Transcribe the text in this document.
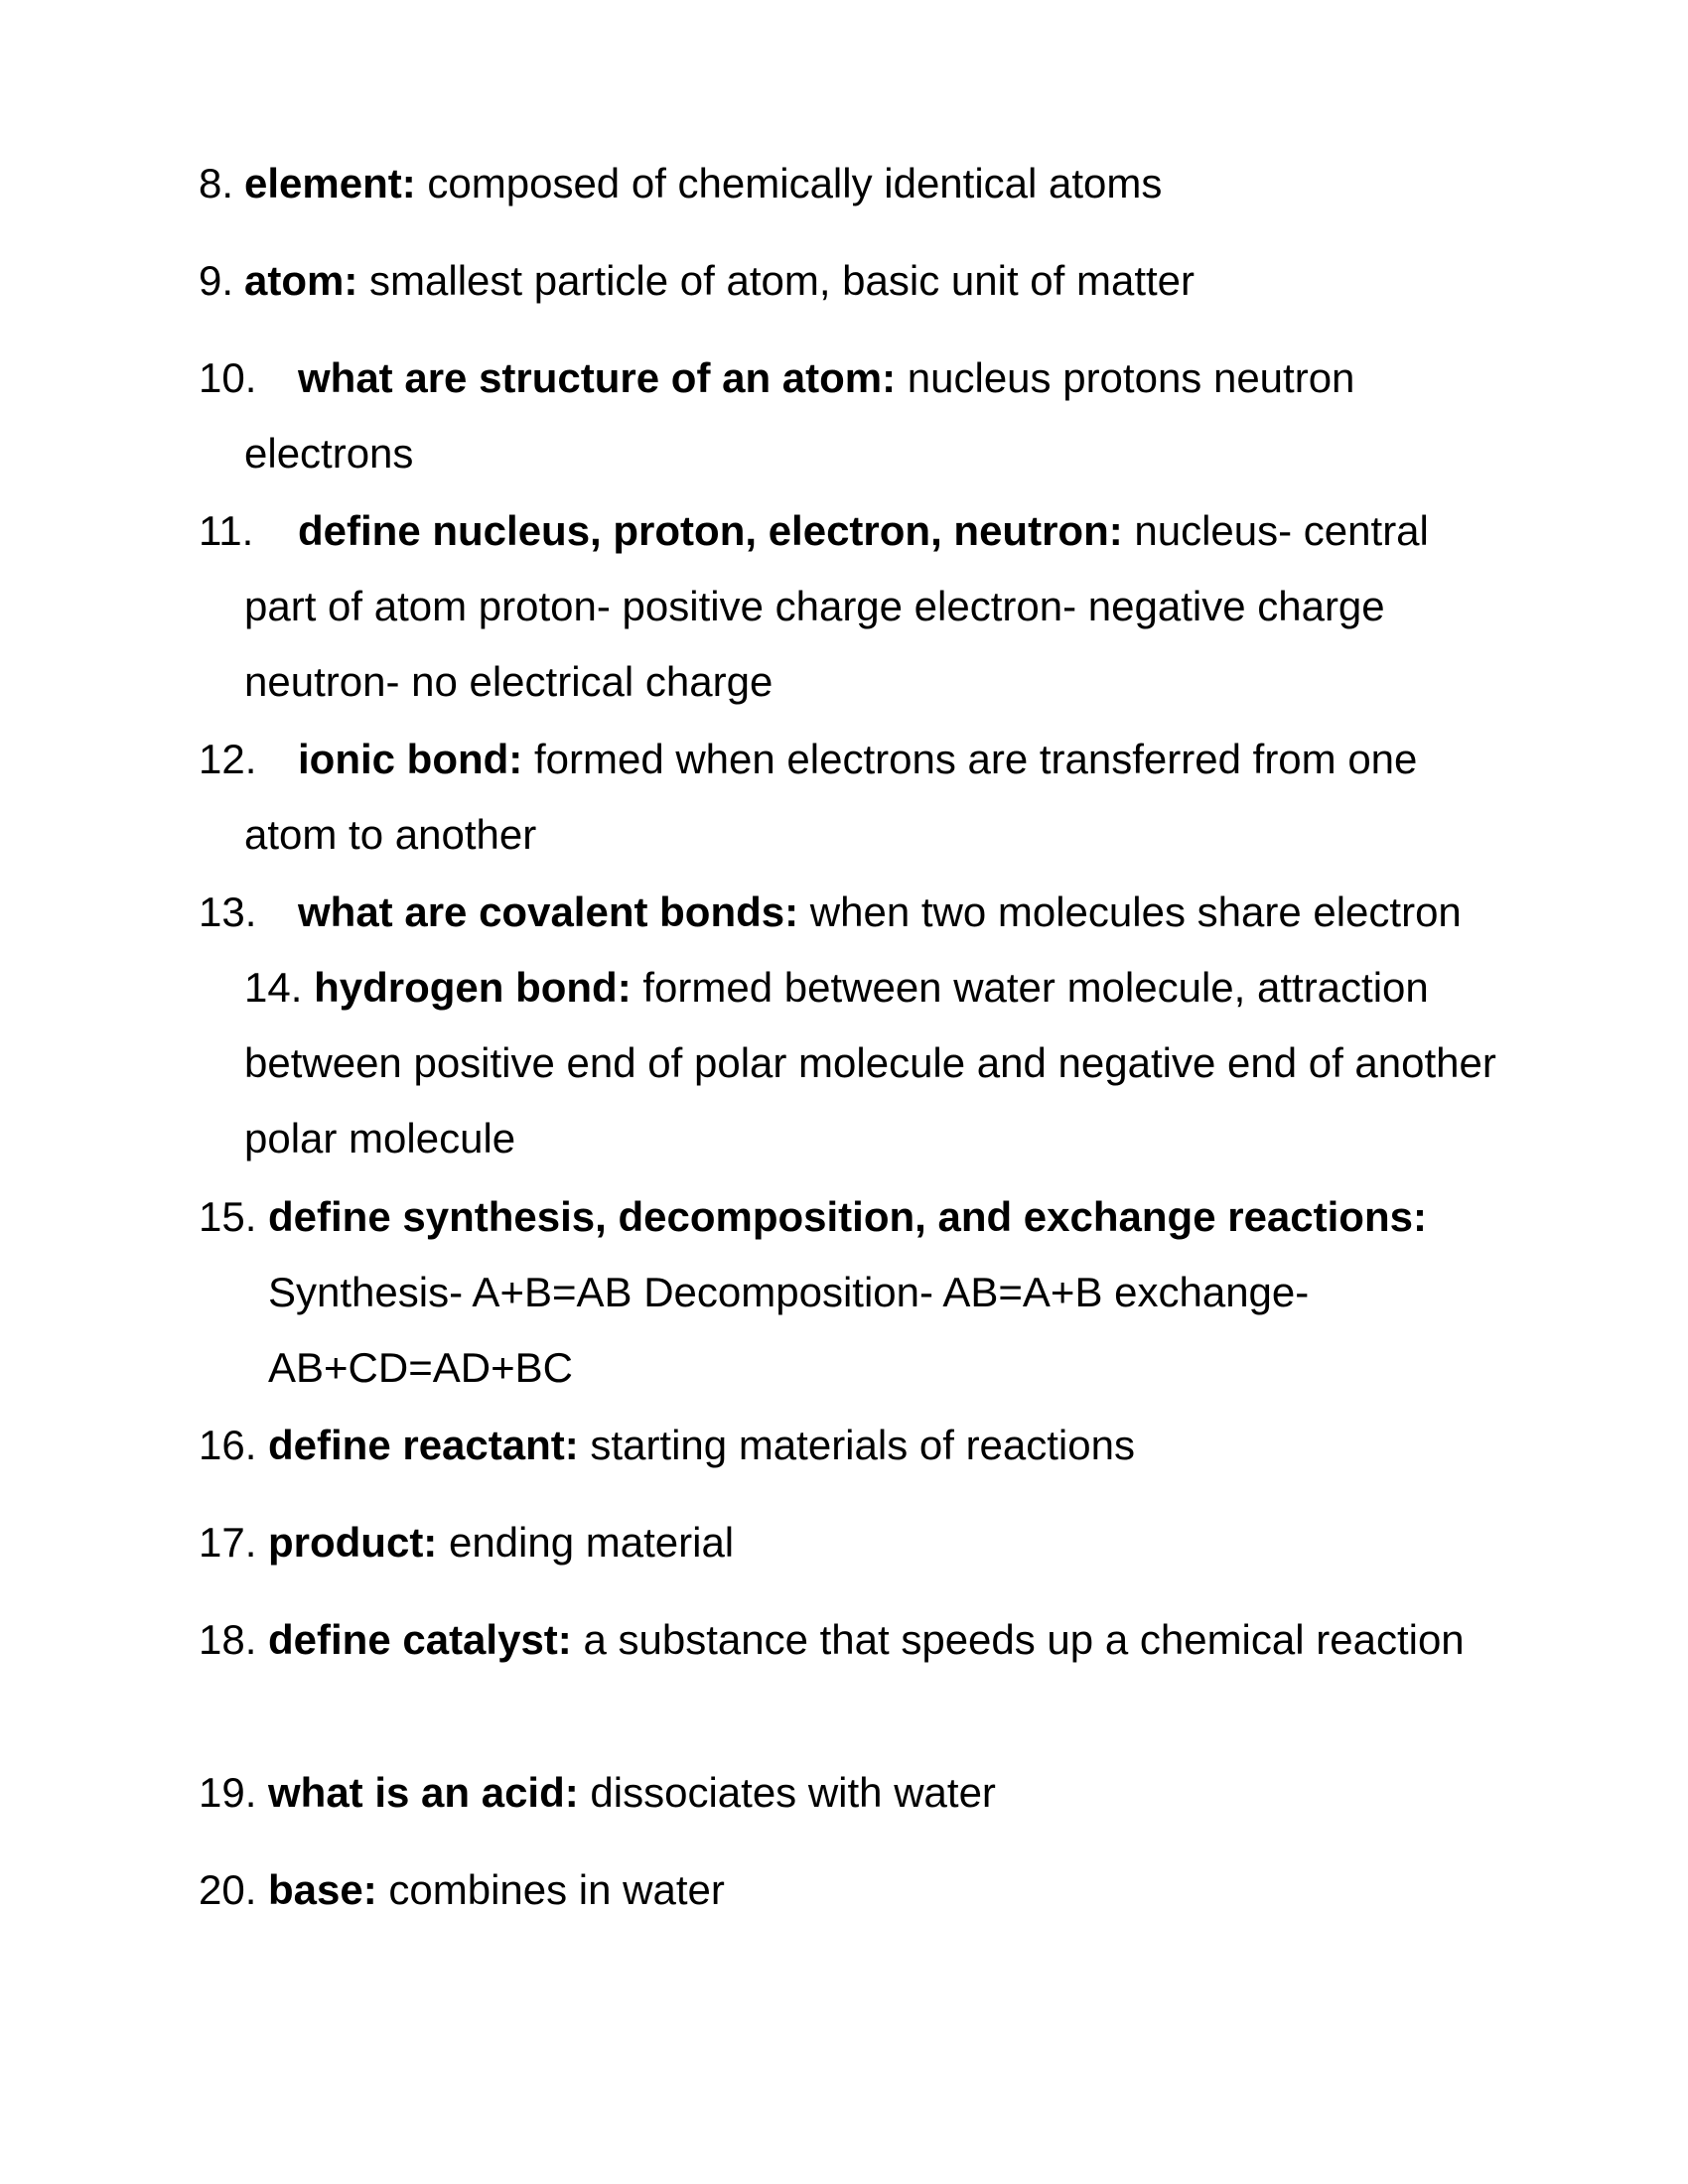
8. element: composed of chemically identical atoms
9. atom: smallest particle of atom, basic unit of matter
10. what are structure of an atom: nucleus protons neutron electrons
11.	define nucleus, proton, electron, neutron: nucleus- central part of atom proton- positive charge electron- negative charge neutron- no electrical charge
12. ionic bond: formed when electrons are transferred from one atom to another
13. what are covalent bonds: when two molecules share electron 14. hydrogen bond: formed between water molecule, attraction between positive end of polar molecule and negative end of another polar molecule
15. define synthesis, decomposition, and exchange reactions: Synthesis- A+B=AB Decomposition- AB=A+B exchange- AB+CD=AD+BC
16. define reactant: starting materials of reactions
17. product: ending material
18. define catalyst: a substance that speeds up a chemical reaction
19. what is an acid: dissociates with water
20. base: combines in water
